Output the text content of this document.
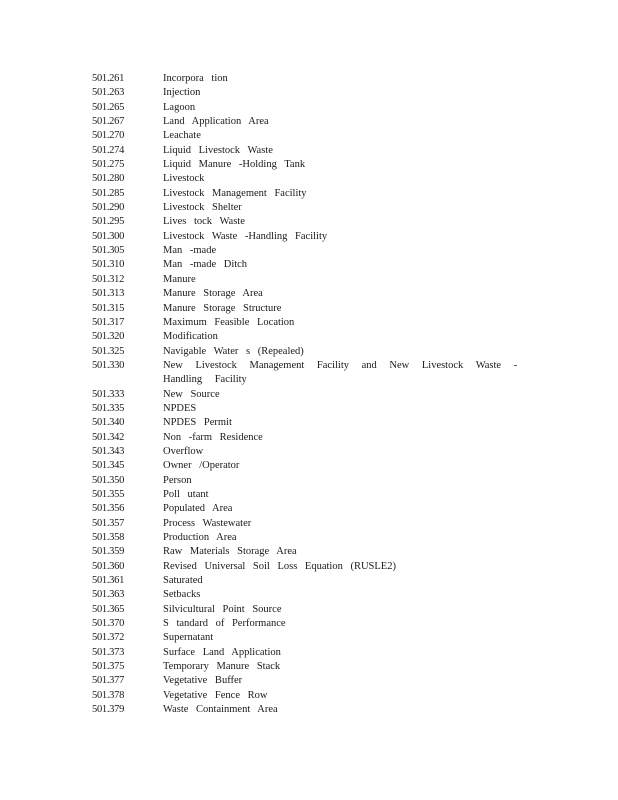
501.261	Incorpora tion
501.263	Injection
501.265	Lagoon
501.267	Land Application Area
501.270	Leachate
501.274	Liquid Livestock Waste
501.275	Liquid Manure -Holding Tank
501.280	Livestock
501.285	Livestock Management Facility
501.290	Livestock Shelter
501.295	Lives tock Waste
501.300	Livestock Waste -Handling Facility
501.305	Man -made
501.310	Man -made Ditch
501.312	Manure
501.313	Manure Storage Area
501.315	Manure Storage Structure
501.317	Maximum Feasible Location
501.320	Modification
501.325	Navigable Water s (Repealed)
501.330	New Livestock Management Facility and New Livestock Waste -Handling Facility
501.333	New Source
501.335	NPDES
501.340	NPDES Permit
501.342	Non -farm Residence
501.343	Overflow
501.345	Owner /Operator
501.350	Person
501.355	Poll utant
501.356	Populated Area
501.357	Process Wastewater
501.358	Production Area
501.359	Raw Materials Storage Area
501.360	Revised Universal Soil Loss Equation (RUSLE2)
501.361	Saturated
501.363	Setbacks
501.365	Silvicultural Point Source
501.370	S tandard of Performance
501.372	Supernatant
501.373	Surface Land Application
501.375	Temporary Manure Stack
501.377	Vegetative Buffer
501.378	Vegetative Fence Row
501.379	Waste Containment Area
